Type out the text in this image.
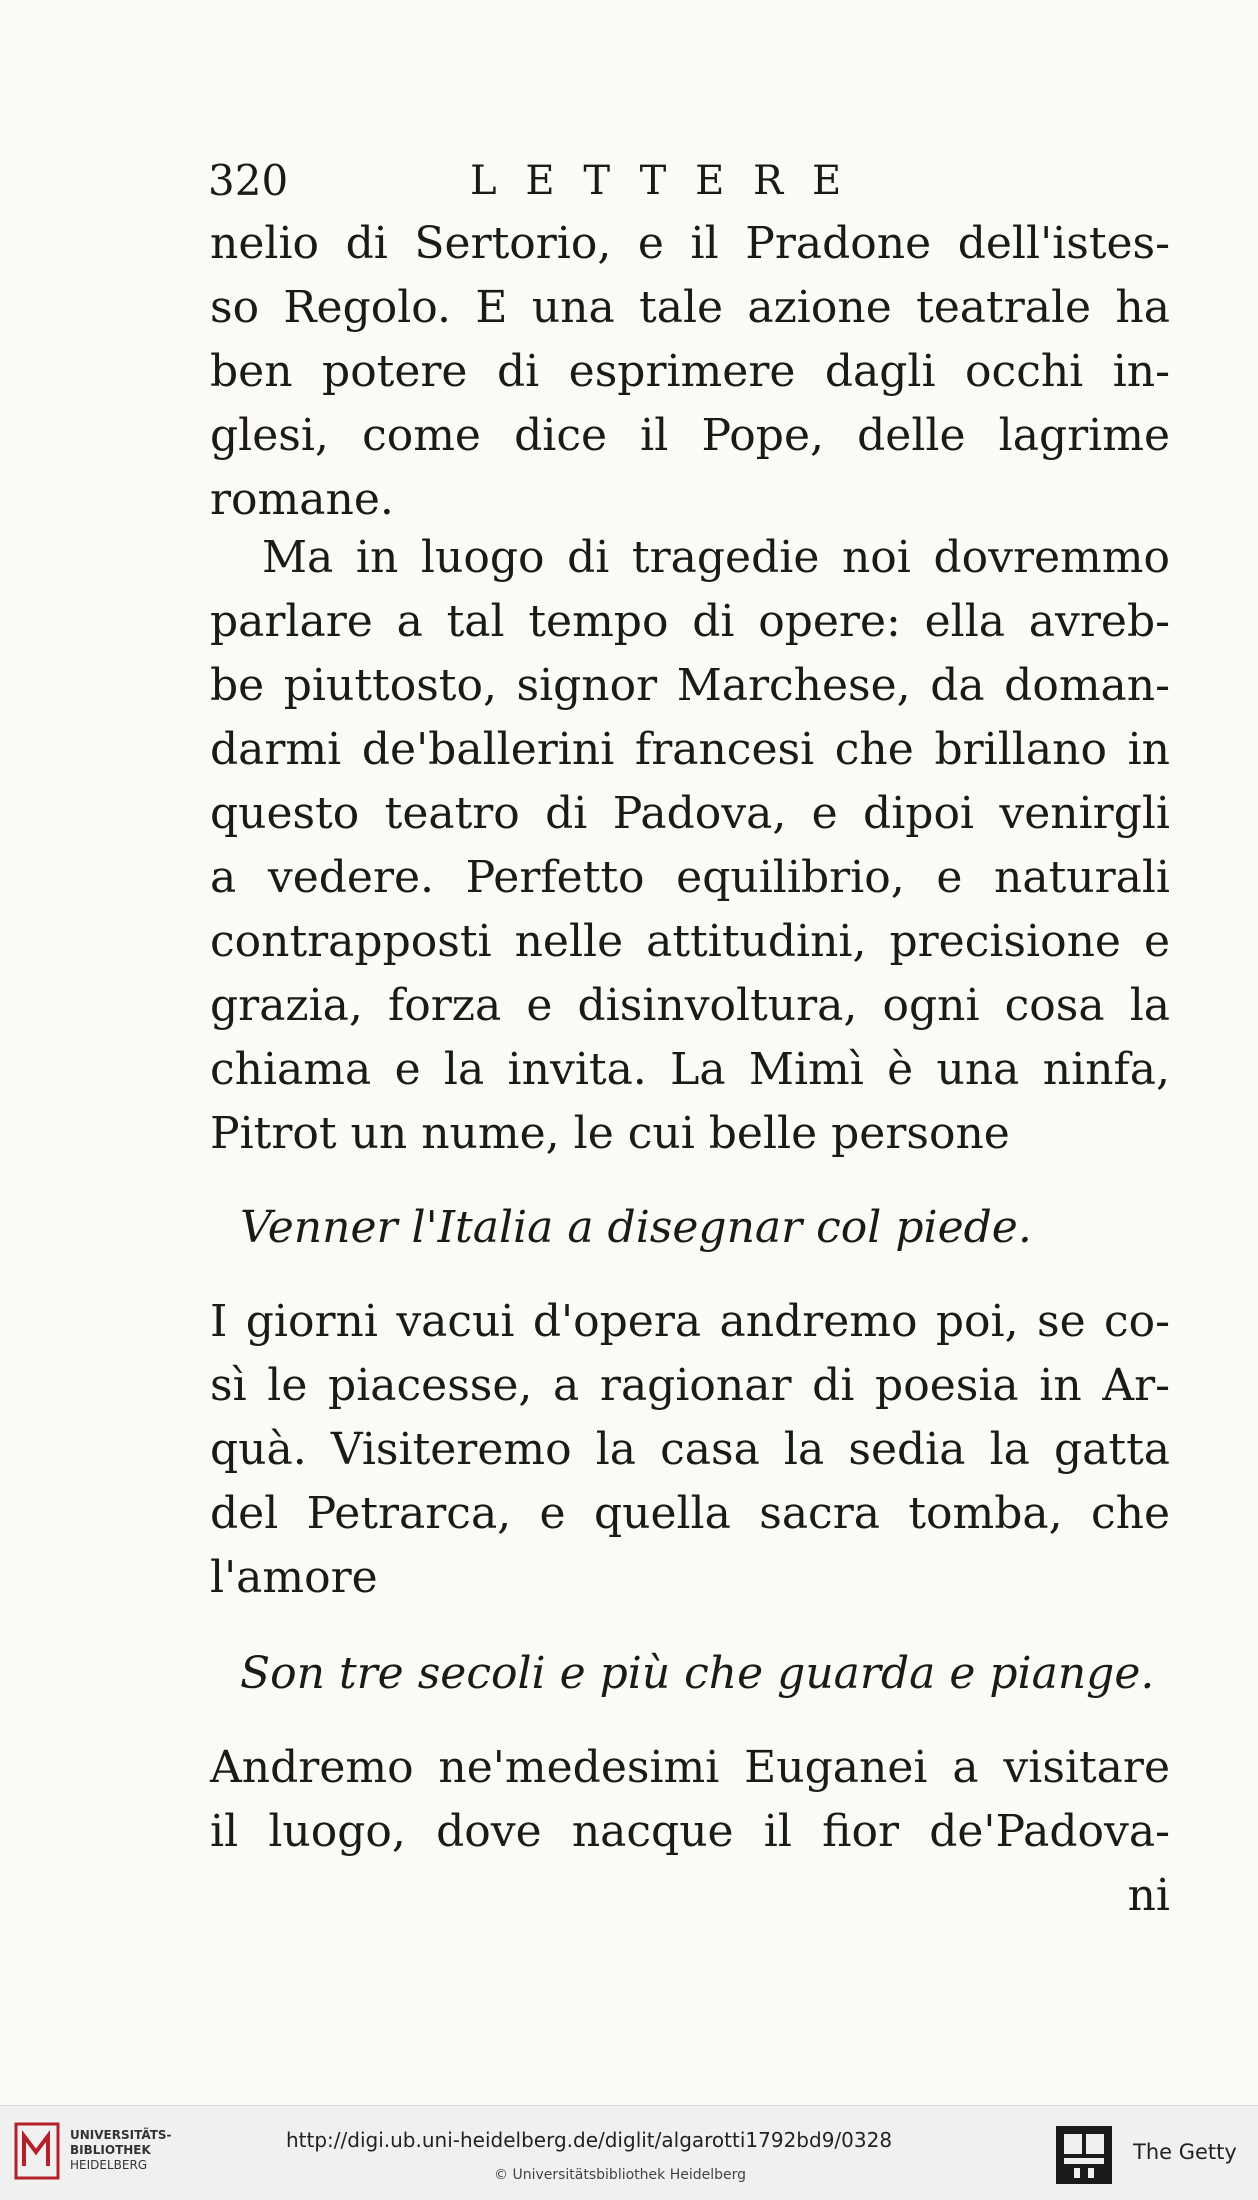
320	LETTERE
nelio di Sertorio, e il Pradone dell'istes-
so Regolo. E una tale azione teatrale ha
ben potere di esprimere dagli occhi in-
glesi, come dice il Pope, delle lagrime
romane.
Ma in luogo di tragedie noi dovremmo
parlare a tal tempo di opere: ella avreb-
be piuttosto, signor Marchese, da doman-
darmi de'ballerini francesi che brillano in
questo teatro di Padova, e dipoi venirgli
a vedere. Perfetto equilibrio, e naturali
contrapposti nelle attitudini, precisione e
grazia, forza e disinvoltura, ogni cosa la
chiama e la invita. La Mimì è una ninfa,
Pitrot un nume, le cui belle persone
Venner l'Italia a disegnar col piede.
I giorni vacui d'opera andremo poi, se co-
sì le piacesse, a ragionar di poesia in Ar-
quà. Visiteremo la casa la sedia la gatta
del Petrarca, e quella sacra tomba, che
l'amore
Son tre secoli e più che guarda e piange.
Andremo ne'medesimi Euganei a visitare
il luogo, dove nacque il fior de'Padova-
ni
UNIVERSITÄTS-
BIBLIOTHEK
HEIDELBERG
http://digi.ub.uni-heidelberg.de/diglit/algarotti1792bd9/0328
© Universitätsbibliothek Heidelberg
The Getty
